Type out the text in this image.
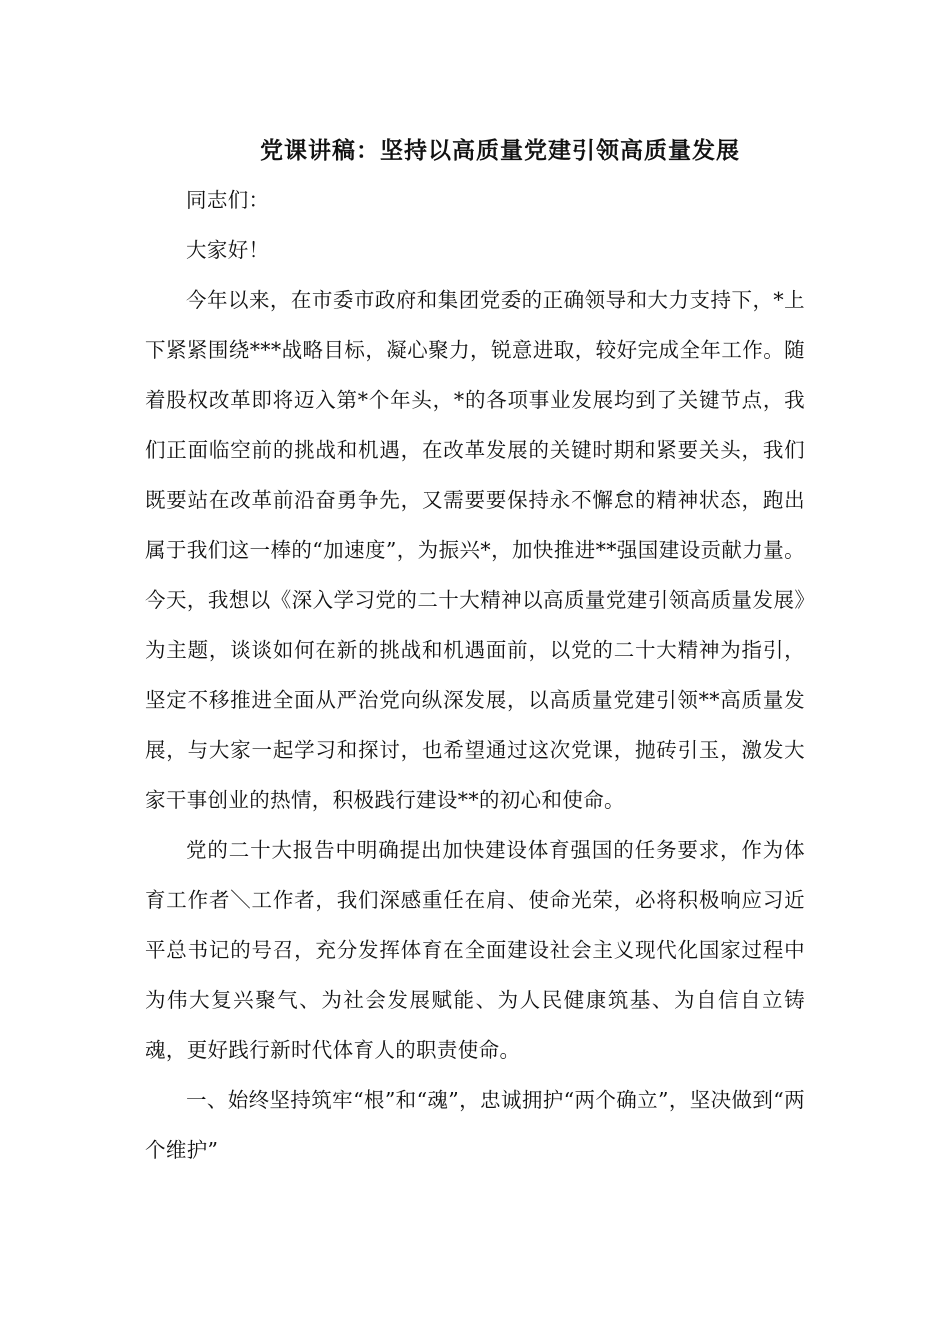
党课讲稿：坚持以高质量党建引领高质量发展

同志们：

大家好！

今年以来，在市委市政府和集团党委的正确领导和大力支持下，*上下紧紧围绕***战略目标，凝心聚力，锐意进取，较好完成全年工作。随着股权改革即将迈入第*个年头，*的各项事业发展均到了关键节点，我们正面临空前的挑战和机遇，在改革发展的关键时期和紧要关头，我们既要站在改革前沿奋勇争先，又需要要保持永不懈怠的精神状态，跑出属于我们这一棒的“加速度”，为振兴*，加快推进**强国建设贡献力量。今天，我想以《深入学习党的二十大精神以高质量党建引领高质量发展》为主题，谈谈如何在新的挑战和机遇面前，以党的二十大精神为指引，坚定不移推进全面从严治党向纵深发展，以高质量党建引领**高质量发展，与大家一起学习和探讨，也希望通过这次党课，抛砖引玉，激发大家干事创业的热情，积极践行建设**的初心和使命。

党的二十大报告中明确提出加快建设体育强国的任务要求，作为体育工作者＼工作者，我们深感重任在肩、使命光荣，必将积极响应习近平总书记的号召，充分发挥体育在全面建设社会主义现代化国家过程中为伟大复兴聚气、为社会发展赋能、为人民健康筑基、为自信自立铸魂，更好践行新时代体育人的职责使命。

一、始终坚持筑牢“根”和“魂”，忠诚拥护“两个确立”，坚决做到“两个维护”
